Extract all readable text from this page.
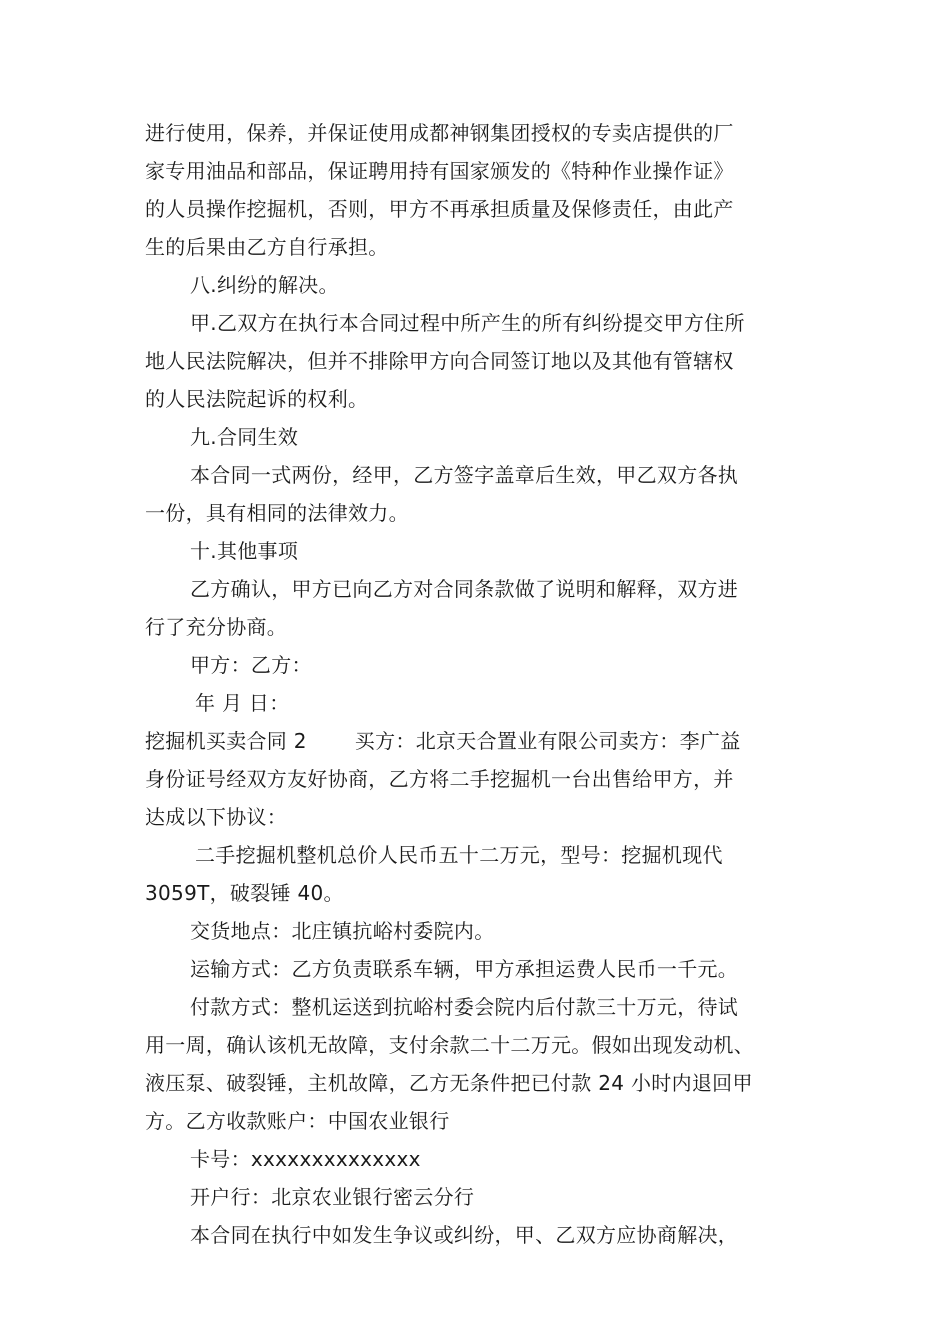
进行使用，保养，并保证使用成都神钢集团授权的专卖店提供的厂
家专用油品和部品，保证聘用持有国家颁发的《特种作业操作证》
的人员操作挖掘机，否则，甲方不再承担质量及保修责任，由此产
生的后果由乙方自行承担。
八.纠纷的解决。
甲.乙双方在执行本合同过程中所产生的所有纠纷提交甲方住所
地人民法院解决，但并不排除甲方向合同签订地以及其他有管辖权
的人民法院起诉的权利。
九.合同生效
本合同一式两份，经甲，乙方签字盖章后生效，甲乙双方各执
一份，具有相同的法律效力。
十.其他事项
乙方确认，甲方已向乙方对合同条款做了说明和解释，双方进
行了充分协商。
甲方：乙方：
年 月 日：
挖掘机买卖合同 2 买方：北京天合置业有限公司卖方：李广益
身份证号经双方友好协商，乙方将二手挖掘机一台出售给甲方，并
达成以下协议：
二手挖掘机整机总价人民币五十二万元，型号：挖掘机现代
3059T，破裂锤 40。
交货地点：北庄镇抗峪村委院内。
运输方式：乙方负责联系车辆，甲方承担运费人民币一千元。
付款方式：整机运送到抗峪村委会院内后付款三十万元，待试
用一周，确认该机无故障，支付余款二十二万元。假如出现发动机、
液压泵、破裂锤，主机故障，乙方无条件把已付款 24 小时内退回甲
方。乙方收款账户：中国农业银行
卡号：xxxxxxxxxxxxxx
开户行：北京农业银行密云分行
本合同在执行中如发生争议或纠纷，甲、乙双方应协商解决，
